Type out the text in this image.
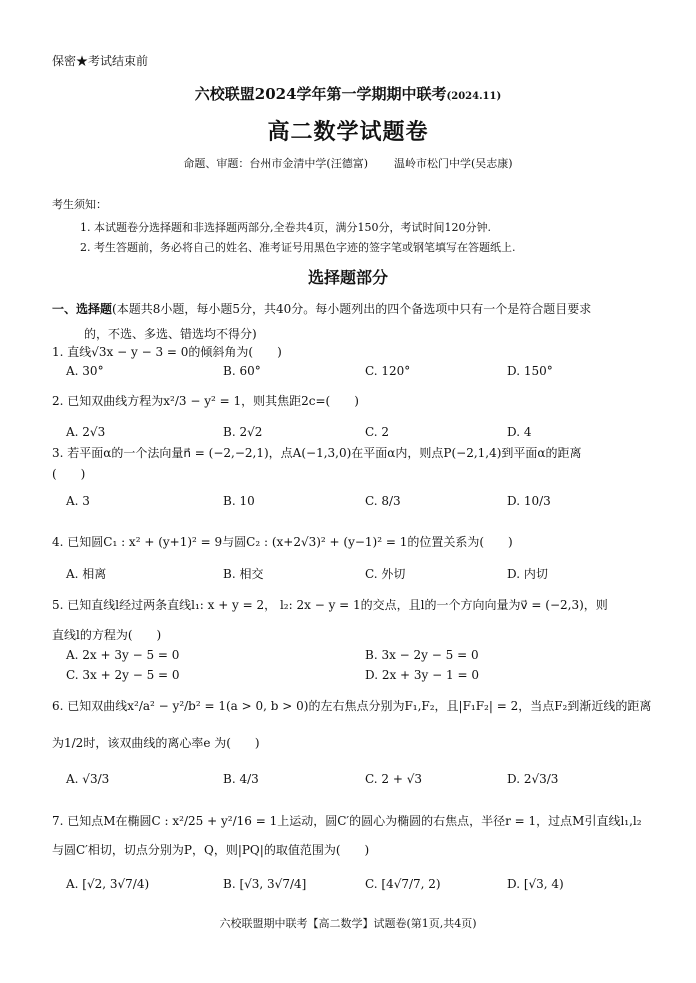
保密★考试结束前
六校联盟2024学年第一学期期中联考(2024.11)
高二数学试题卷
命题、审题：台州市金清中学(汪德富) 温岭市松门中学(吴志康)
考生须知：
1. 本试题卷分选择题和非选择题两部分,全卷共4页，满分150分，考试时间120分钟.
2. 考生答题前，务必将自己的姓名、准考证号用黑色字迹的签字笔或钢笔填写在答题纸上.
选择题部分
一、选择题(本题共8小题，每小题5分，共40分。每小题列出的四个备选项中只有一个是符合题目要求
的，不选、多选、错选均不得分)
1. 直线√3x − y − 3 = 0的倾斜角为(　　)
A. 30°	B. 60°	C. 120°	D. 150°
2. 已知双曲线方程为x²/3 − y² = 1，则其焦距2c=(　　)
A. 2√3	B. 2√2	C. 2	D. 4
3. 若平面α的一个法向量n⃗ = (−2,−2,1)，点A(−1,3,0)在平面α内，则点P(−2,1,4)到平面α的距离
(　　)
A. 3	B. 10	C. 8/3	D. 10/3
4. 已知圆C₁ : x² + (y+1)² = 9与圆C₂ : (x+2√3)² + (y−1)² = 1的位置关系为(　　)
A. 相离	B. 相交	C. 外切	D. 内切
5. 已知直线l经过两条直线l₁: x + y = 2， l₂: 2x − y = 1的交点，且l的一个方向向量为v⃗ = (−2,3)，则
直线l的方程为(　　)
A. 2x + 3y − 5 = 0	B. 3x − 2y − 5 = 0
C. 3x + 2y − 5 = 0	D. 2x + 3y − 1 = 0
6. 已知双曲线x²/a² − y²/b² = 1(a > 0, b > 0)的左右焦点分别为F₁,F₂，且|F₁F₂| = 2，当点F₂到渐近线的距离
为1/2时，该双曲线的离心率e 为(　　)
A. √3/3	B. 4/3	C. 2 + √3	D. 2√3/3
7. 已知点M在椭圆C : x²/25 + y²/16 = 1上运动，圆C′的圆心为椭圆的右焦点，半径r = 1，过点M引直线l₁,l₂
与圆C′相切，切点分别为P，Q，则|PQ|的取值范围为(　　)
A. [√2, 3√7/4)	B. [√3, 3√7/4]	C. [4√7/7, 2)	D. [√3, 4)
六校联盟期中联考【高二数学】试题卷(第1页,共4页)
